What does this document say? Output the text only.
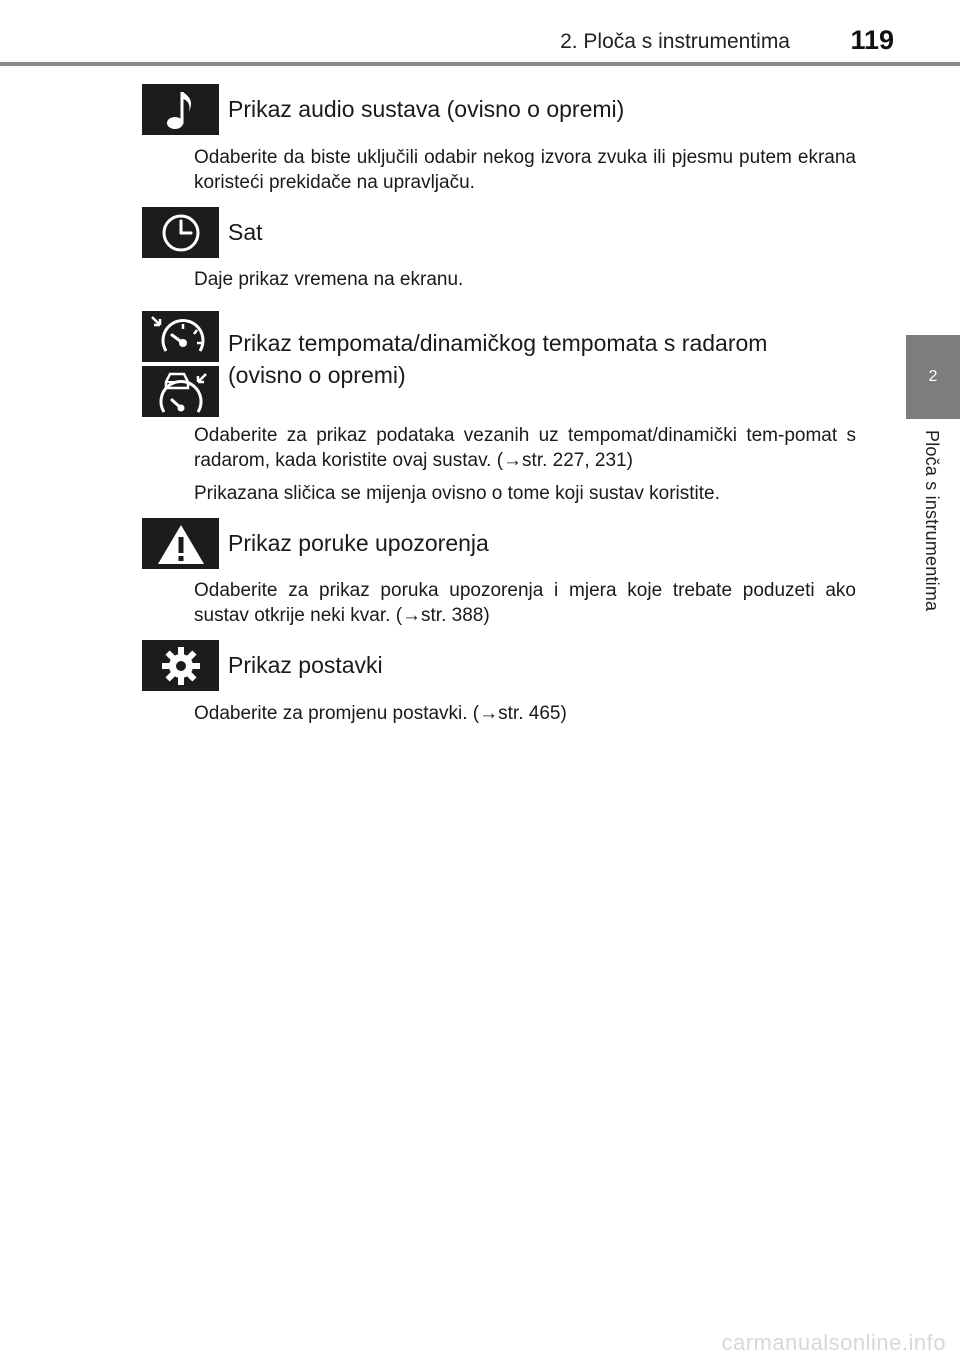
2. Ploča s instrumentima 119
2
Ploča s instrumentima
Prikaz audio sustava (ovisno o opremi)

Odaberite da biste uključili odabir nekog izvora zvuka ili pjesmu putem ekrana koristeći prekidače na upravljaču.

Sat

Daje prikaz vremena na ekranu.

Prikaz tempomata/dinamičkog tempomata s radarom
(ovisno o opremi)

Odaberite za prikaz podataka vezanih uz tempomat/dinamički tem-pomat s radarom, kada koristite ovaj sustav. (→str. 227, 231)

Prikazana sličica se mijenja ovisno o tome koji sustav koristite.

Prikaz poruke upozorenja

Odaberite za prikaz poruka upozorenja i mjera koje trebate poduzeti ako sustav otkrije neki kvar. (→str. 388)

Prikaz postavki

Odaberite za promjenu postavki. (→str. 465)

carmanualsonline.info
